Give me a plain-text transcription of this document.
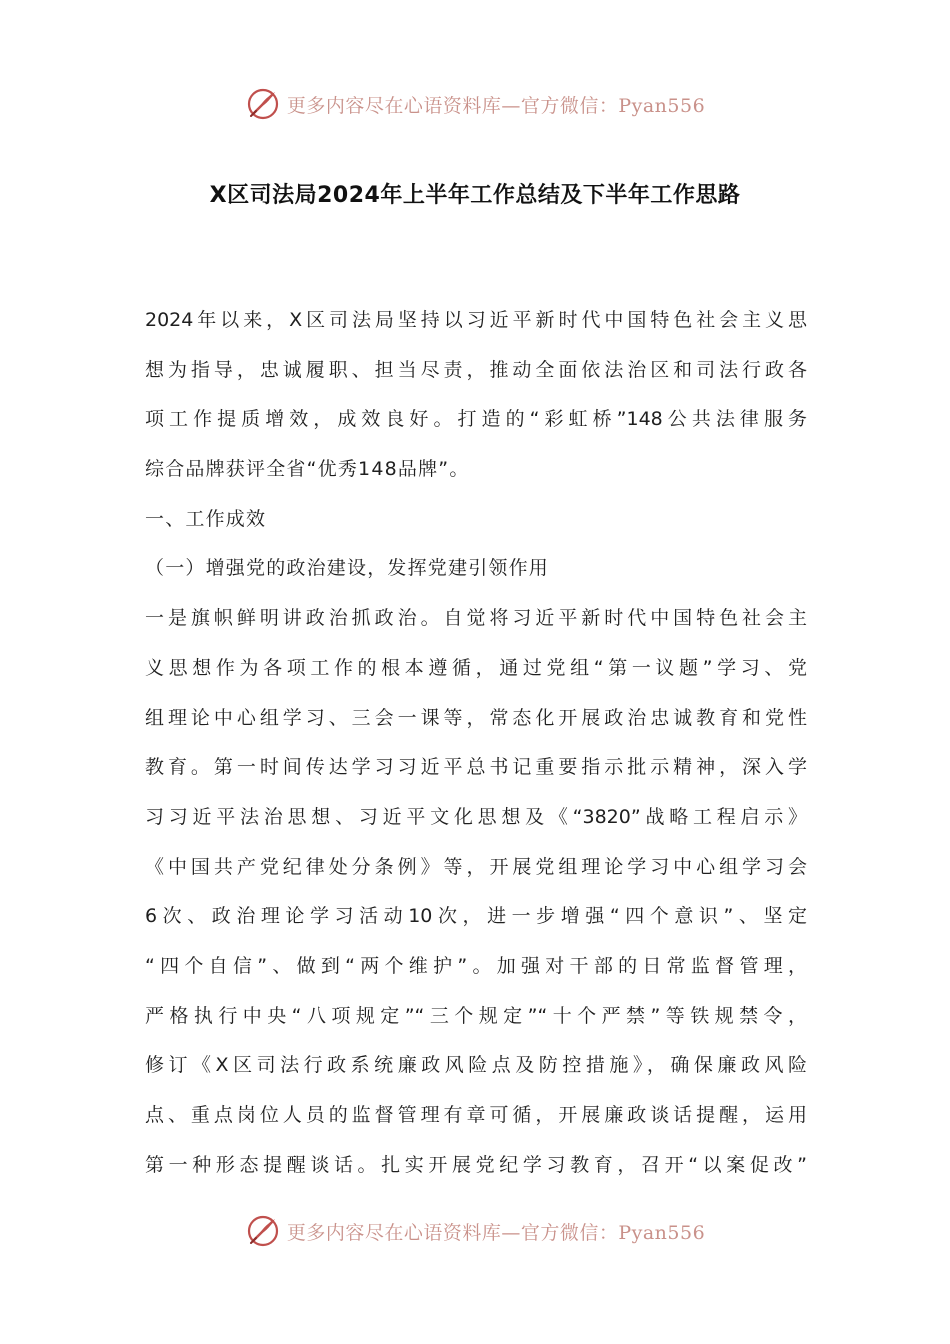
更多内容尽在心语资料库—官方微信：Pyan556
X区司法局2024年上半年工作总结及下半年工作思路
2024年以来，X区司法局坚持以习近平新时代中国特色社会主义思
想为指导，忠诚履职、担当尽责，推动全面依法治区和司法行政各
项工作提质增效，成效良好。打造的“彩虹桥”148公共法律服务
综合品牌获评全省“优秀148品牌”。
一、工作成效
（一）增强党的政治建设，发挥党建引领作用
一是旗帜鲜明讲政治抓政治。自觉将习近平新时代中国特色社会主
义思想作为各项工作的根本遵循，通过党组“第一议题”学习、党
组理论中心组学习、三会一课等，常态化开展政治忠诚教育和党性
教育。第一时间传达学习习近平总书记重要指示批示精神，深入学
习习近平法治思想、习近平文化思想及《“3820”战略工程启示》
《中国共产党纪律处分条例》等，开展党组理论学习中心组学习会
6次、政治理论学习活动10次，进一步增强“四个意识”、坚定
“四个自信”、做到“两个维护”。加强对干部的日常监督管理，
严格执行中央“八项规定”“三个规定”“十个严禁”等铁规禁令，
修订《X区司法行政系统廉政风险点及防控措施》，确保廉政风险
点、重点岗位人员的监督管理有章可循，开展廉政谈话提醒，运用
第一种形态提醒谈话。扎实开展党纪学习教育，召开“以案促改”
更多内容尽在心语资料库—官方微信：Pyan556
